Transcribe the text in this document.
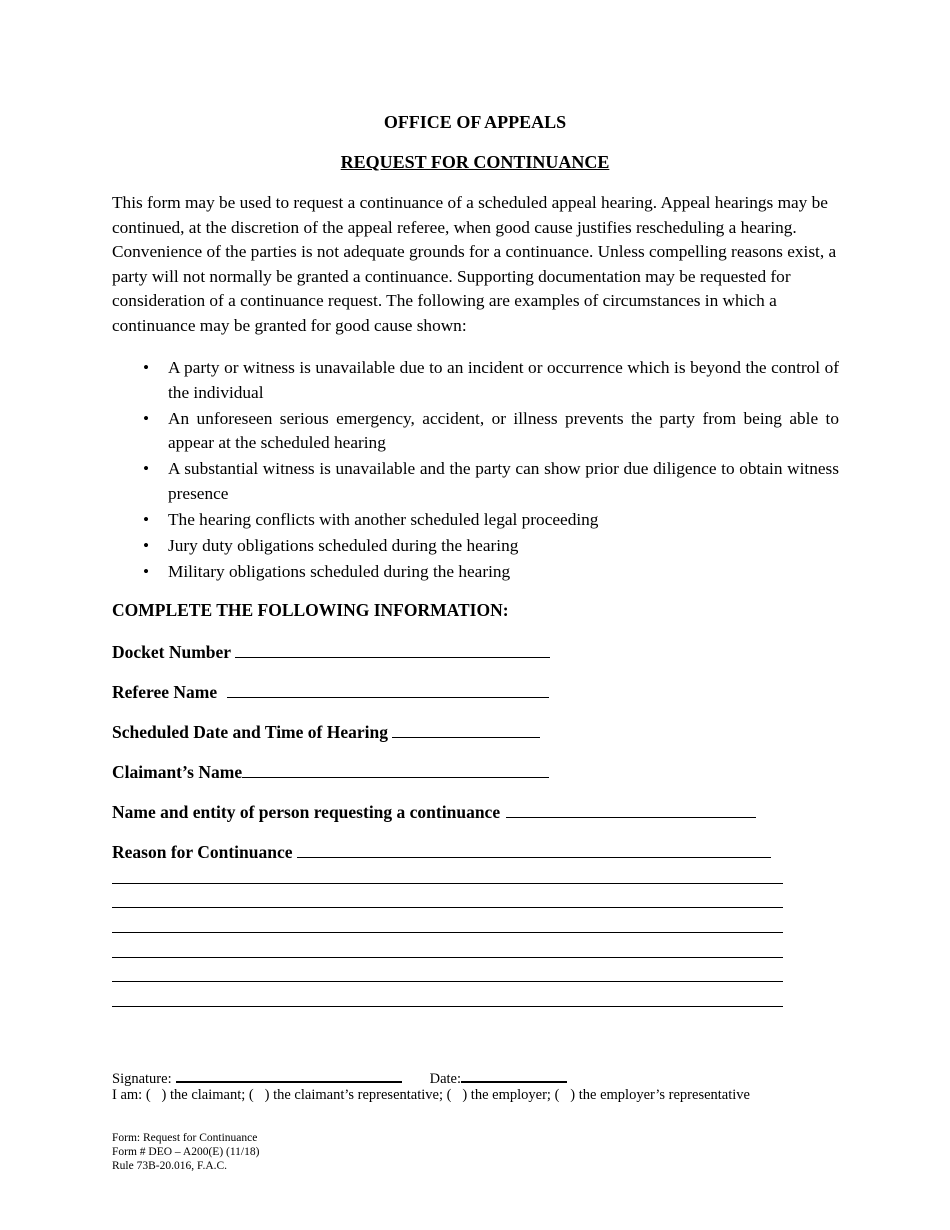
OFFICE OF APPEALS
REQUEST FOR CONTINUANCE

This form may be used to request a continuance of a scheduled appeal hearing. Appeal hearings may be continued, at the discretion of the appeal referee, when good cause justifies rescheduling a hearing. Convenience of the parties is not adequate grounds for a continuance. Unless compelling reasons exist, a party will not normally be granted a continuance. Supporting documentation may be requested for consideration of a continuance request. The following are examples of circumstances in which a continuance may be granted for good cause shown:

• A party or witness is unavailable due to an incident or occurrence which is beyond the control of the individual
• An unforeseen serious emergency, accident, or illness prevents the party from being able to appear at the scheduled hearing
• A substantial witness is unavailable and the party can show prior due diligence to obtain witness presence
• The hearing conflicts with another scheduled legal proceeding
• Jury duty obligations scheduled during the hearing
• Military obligations scheduled during the hearing
COMPLETE THE FOLLOWING INFORMATION:
Docket Number
Referee Name
Scheduled Date and Time of Hearing
Claimant’s Name
Name and entity of person requesting a continuance
Reason for Continuance
Signature:	Date:
I am: (   ) the claimant; (   ) the claimant’s representative; (   ) the employer; (   ) the employer’s representative
Form: Request for Continuance
Form # DEO – A200(E) (11/18)
Rule 73B-20.016, F.A.C.
